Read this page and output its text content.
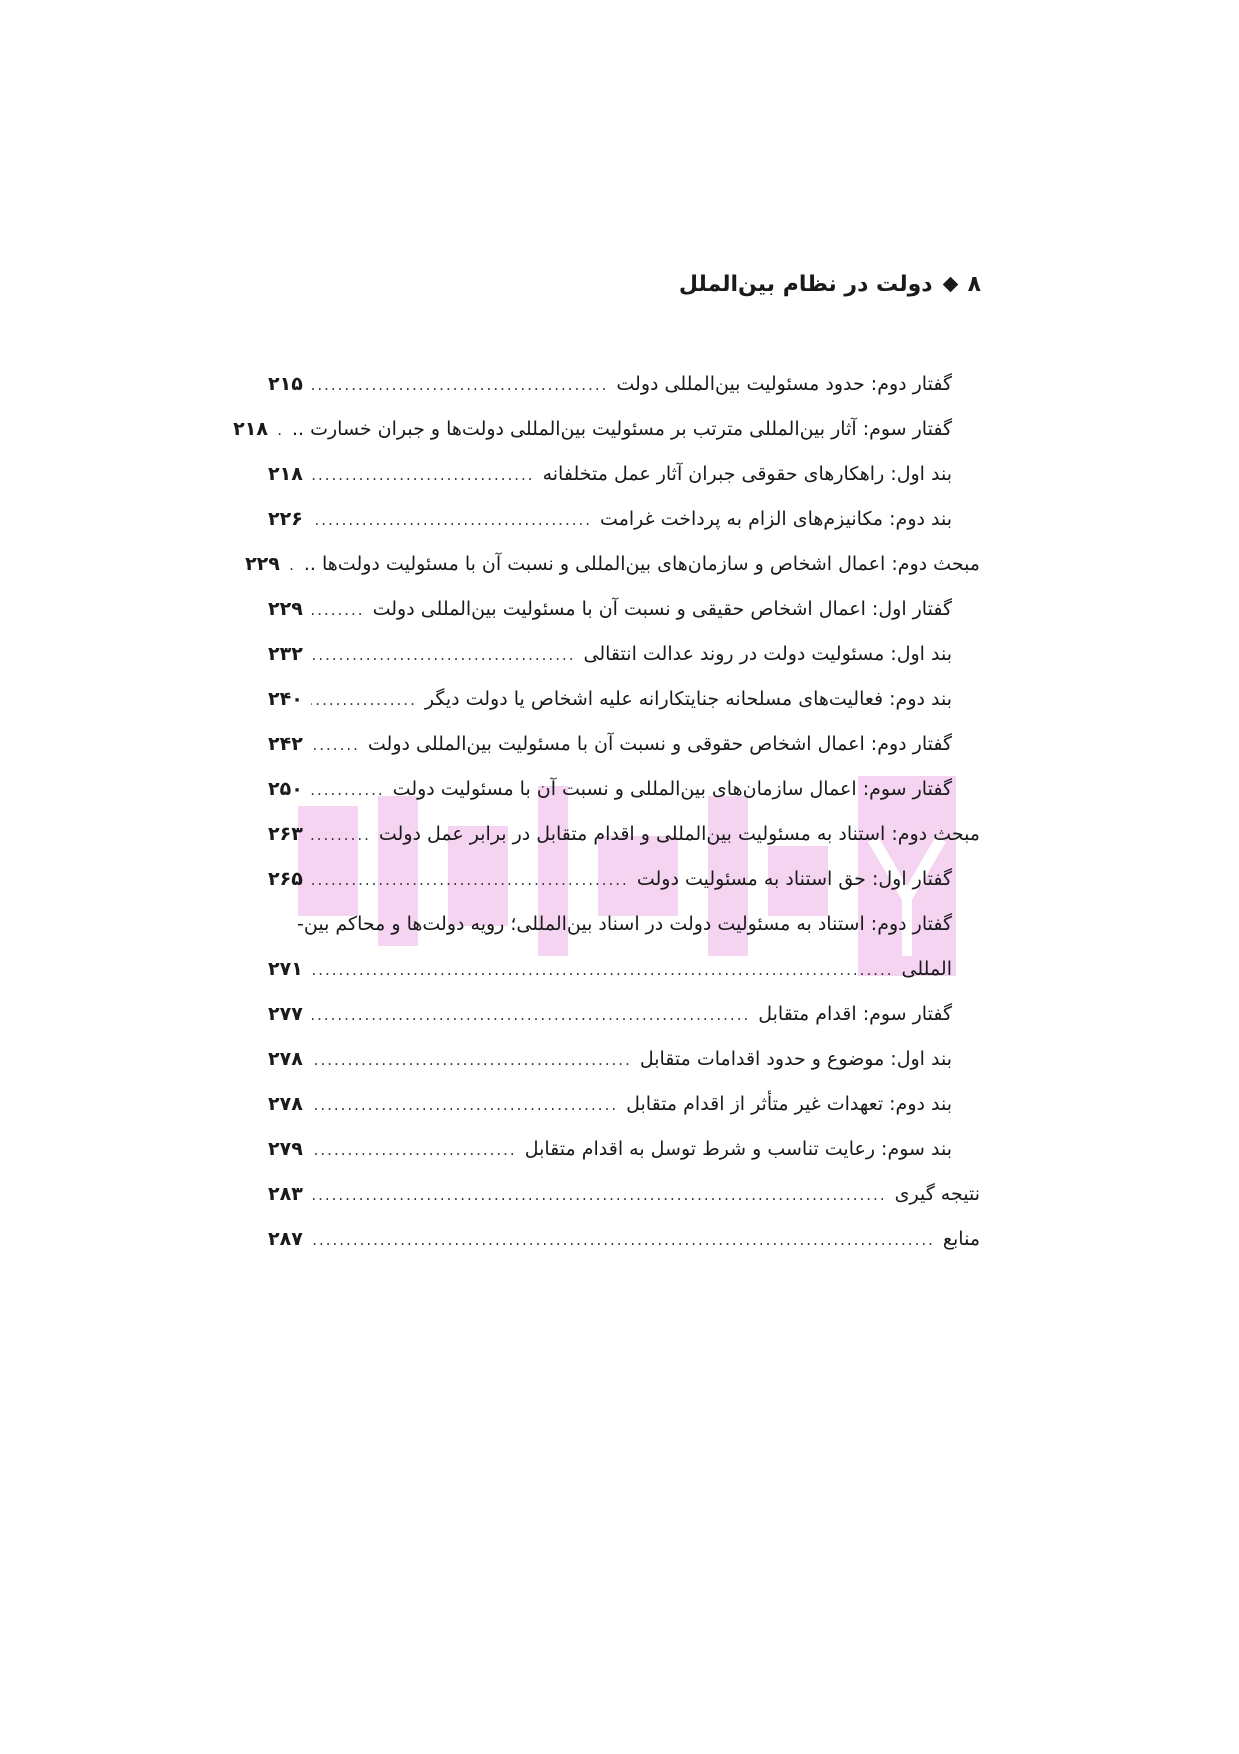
۸
دولت در نظام بین‌الملل
گفتار دوم: حدود مسئولیت بین‌المللی دولت
.....
۲۱۵
گفتار سوم: آثار بین‌المللی مترتب بر مسئولیت بین‌المللی دولت‌ها و جبران خسارت ..
.....
۲۱۸
بند اول: راهکارهای حقوقی جبران آثار عمل متخلفانه
.....
۲۱۸
بند دوم: مکانیزم‌های الزام به پرداخت غرامت
.....
۲۲۶
مبحث دوم: اعمال اشخاص و سازمان‌های بین‌المللی و نسبت آن با مسئولیت دولت‌ها ..
.....
۲۲۹
گفتار اول: اعمال اشخاص حقیقی و نسبت آن با مسئولیت بین‌المللی دولت
.....
۲۲۹
بند اول: مسئولیت دولت در روند عدالت انتقالی
.....
۲۳۲
بند دوم: فعالیت‌های مسلحانه جنایتکارانه علیه اشخاص یا دولت دیگر
.....
۲۴۰
گفتار دوم: اعمال اشخاص حقوقی و نسبت آن با مسئولیت بین‌المللی دولت
.....
۲۴۲
گفتار سوم: اعمال سازمان‌های بین‌المللی و نسبت آن با مسئولیت دولت
.....
۲۵۰
مبحث دوم: استناد به مسئولیت بین‌المللی و اقدام متقابل در برابر عمل دولت
.....
۲۶۳
گفتار اول: حق استناد به مسئولیت دولت
.....
۲۶۵
گفتار دوم: استناد به مسئولیت دولت در اسناد بین‌المللی؛ رویه دولت‌ها و محاکم بین-
المللی
.....
۲۷۱
گفتار سوم: اقدام متقابل
.....
۲۷۷
بند اول: موضوع و حدود اقدامات متقابل
.....
۲۷۸
بند دوم: تعهدات غیر متأثر از اقدام متقابل
.....
۲۷۸
بند سوم: رعایت تناسب و شرط توسل به اقدام متقابل
.....
۲۷۹
نتیجه گیری
.....
۲۸۳
منابع
.....
۲۸۷
